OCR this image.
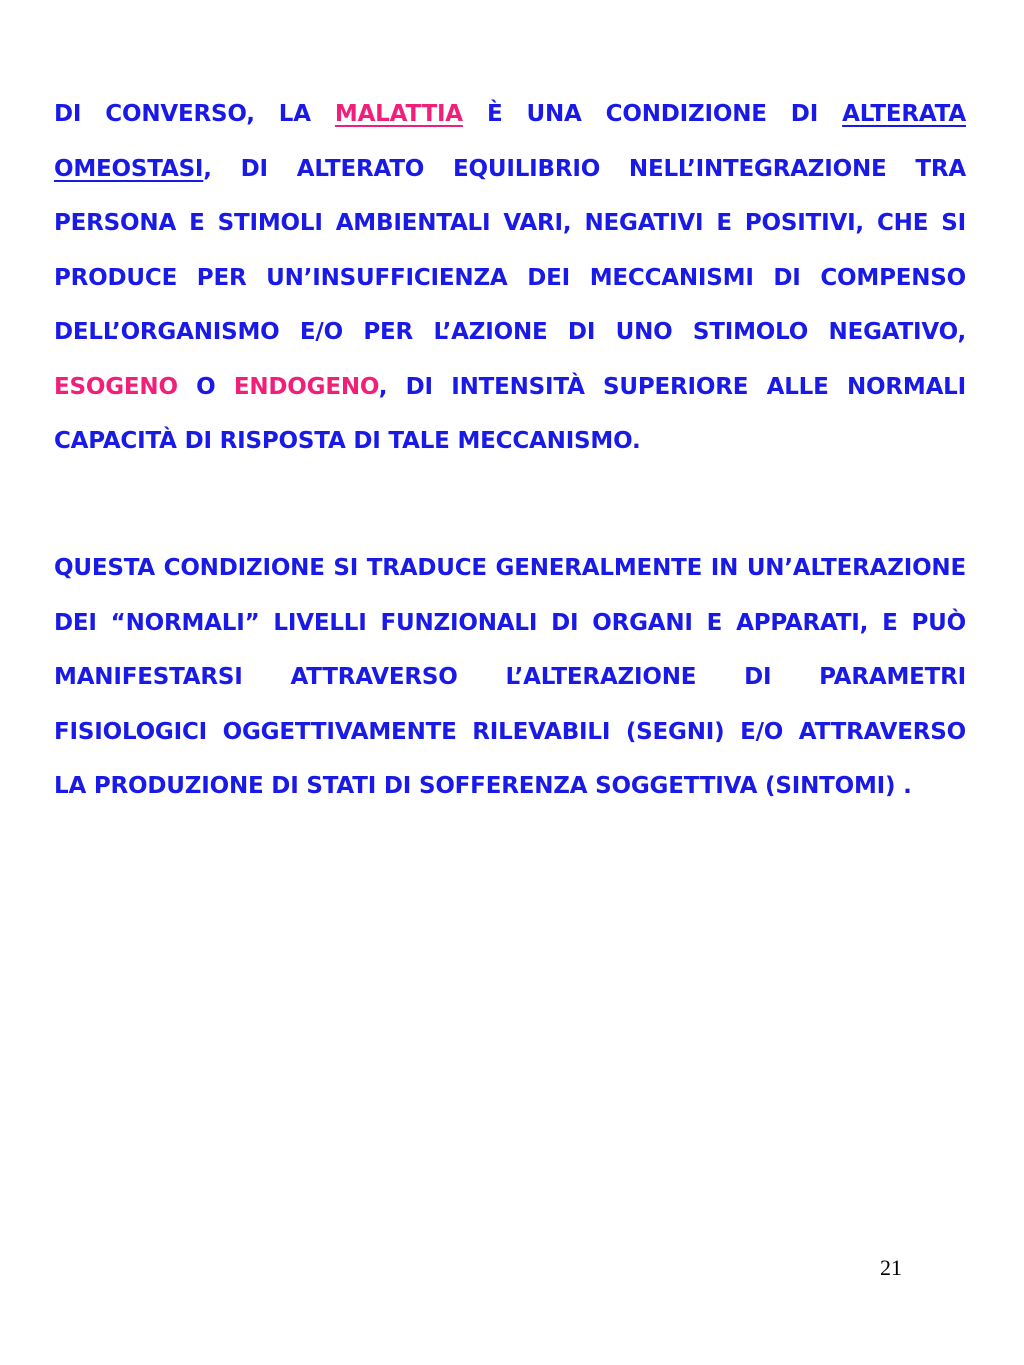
DI CONVERSO, LA MALATTIA È UNA CONDIZIONE DI ALTERATA OMEOSTASI, DI ALTERATO EQUILIBRIO NELL’INTEGRAZIONE TRA PERSONA E STIMOLI AMBIENTALI VARI, NEGATIVI E POSITIVI, CHE SI PRODUCE PER UN’INSUFFICIENZA DEI MECCANISMI DI COMPENSO DELL’ORGANISMO E/O PER L’AZIONE DI UNO STIMOLO NEGATIVO, ESOGENO O ENDOGENO, DI INTENSITÀ SUPERIORE ALLE NORMALI CAPACITÀ DI RISPOSTA DI TALE MECCANISMO.

QUESTA CONDIZIONE SI TRADUCE GENERALMENTE IN UN’ALTERAZIONE DEI “NORMALI” LIVELLI FUNZIONALI DI ORGANI E APPARATI, E PUÒ MANIFESTARSI ATTRAVERSO L’ALTERAZIONE DI PARAMETRI FISIOLOGICI OGGETTIVAMENTE RILEVABILI (SEGNI) E/O ATTRAVERSO LA PRODUZIONE DI STATI DI SOFFERENZA SOGGETTIVA (SINTOMI) .

21
